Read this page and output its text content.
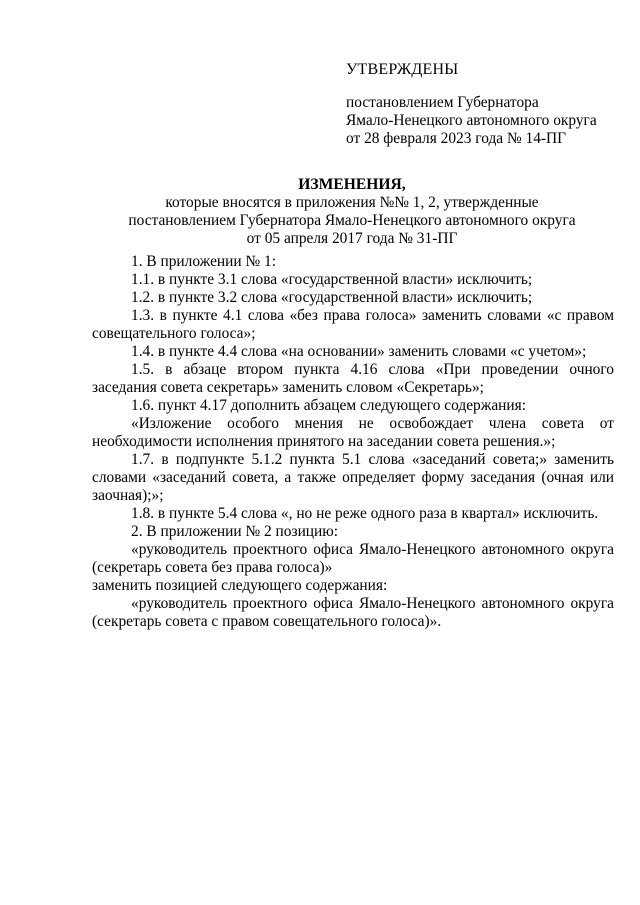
УТВЕРЖДЕНЫ
постановлением Губернатора
Ямало-Ненецкого автономного округа
от 28 февраля 2023 года № 14-ПГ
ИЗМЕНЕНИЯ,
которые вносятся в приложения №№ 1, 2, утвержденные
постановлением Губернатора Ямало-Ненецкого автономного округа
от 05 апреля 2017 года № 31-ПГ

1. В приложении № 1:

1.1. в пункте 3.1 слова «государственной власти» исключить;

1.2. в пункте 3.2 слова «государственной власти» исключить;

1.3. в пункте 4.1 слова «без права голоса» заменить словами «с правом совещательного голоса»;

1.4. в пункте 4.4 слова «на основании» заменить словами «с учетом»;

1.5. в абзаце втором пункта 4.16 слова «При проведении очного заседания совета секретарь» заменить словом «Секретарь»;

1.6. пункт 4.17 дополнить абзацем следующего содержания:

«Изложение особого мнения не освобождает члена совета от необходимости исполнения принятого на заседании совета решения.»;

1.7. в подпункте 5.1.2 пункта 5.1 слова «заседаний совета;» заменить словами «заседаний совета, а также определяет форму заседания (очная или заочная);»;

1.8. в пункте 5.4 слова «, но не реже одного раза в квартал» исключить.

2. В приложении № 2 позицию:

«руководитель проектного офиса Ямало-Ненецкого автономного округа (секретарь совета без права голоса)»

заменить позицией следующего содержания:

«руководитель проектного офиса Ямало-Ненецкого автономного округа (секретарь совета с правом совещательного голоса)».
